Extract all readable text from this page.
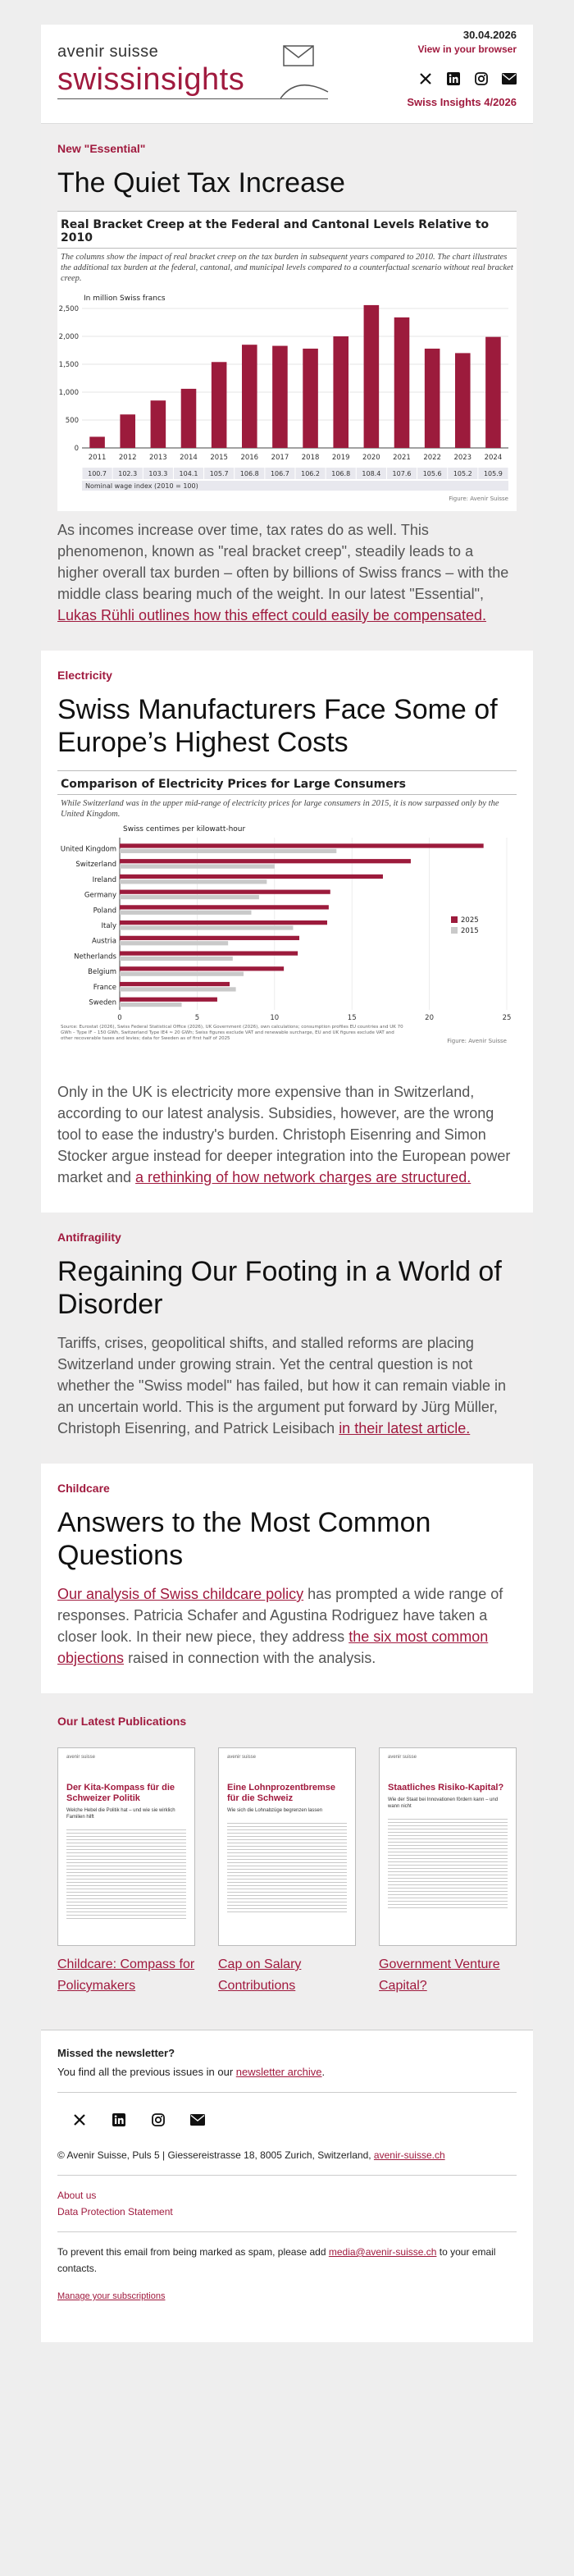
avenir suisse
swissinsights
30.04.2026
View in your browser
Swiss Insights 4/2026
New "Essential"
The Quiet Tax Increase
Real Bracket Creep at the Federal and Cantonal Levels Relative to 2010
The columns show the impact of real bracket creep on the tax burden in subsequent years compared to 2010. The chart illustrates the additional tax burden at the federal, cantonal, and municipal levels compared to a counterfactual scenario without real bracket creep.
In million Swiss francs
0
500
1,000
1,500
2,000
2,500
2011
100.7
2012
102.3
2013
103.3
2014
104.1
2015
105.7
2016
106.8
2017
106.7
2018
106.2
2019
106.8
2020
108.4
2021
107.6
2022
105.6
2023
105.2
2024
105.9
Nominal wage index (2010 = 100)
Figure: Avenir Suisse

As incomes increase over time, tax rates do as well. This phenomenon, known as "real bracket creep", steadily leads to a higher overall tax burden – often by billions of Swiss francs – with the middle class bearing much of the weight. In our latest "Essential", Lukas Rühli outlines how this effect could easily be compensated.

Electricity
Swiss Manufacturers Face Some of Europe’s Highest Costs
Comparison of Electricity Prices for Large Consumers
While Switzerland was in the upper mid-range of electricity prices for large consumers in 2015, it is now surpassed only by the United Kingdom.
Swiss centimes per kilowatt-hour
0	5	10	15	20	25
United Kingdom
Switzerland
Ireland
Germany
Poland
Italy
Austria
Netherlands
Belgium
France
Sweden
2025
2015
Source: Eurostat (2026), Swiss Federal Statistical Office (2026), UK Government (2026), own calculations; consumption profiles EU countries and UK 70 GWh – Type IF – 150 GWh, Switzerland Type IE4 ≈ 20 GWh; Swiss figures exclude VAT and renewable surcharge, EU and UK figures exclude VAT and other recoverable taxes and levies; data for Sweden as of first half of 2025	Figure: Avenir Suisse

Only in the UK is electricity more expensive than in Switzerland, according to our latest analysis. Subsidies, however, are the wrong tool to ease the industry's burden. Christoph Eisenring and Simon Stocker argue instead for deeper integration into the European power market and a rethinking of how network charges are structured.

Antifragility
Regaining Our Footing in a World of Disorder

Tariffs, crises, geopolitical shifts, and stalled reforms are placing Switzerland under growing strain. Yet the central question is not whether the "Swiss model" has failed, but how it can remain viable in an uncertain world. This is the argument put forward by Jürg Müller, Christoph Eisenring, and Patrick Leisibach in their latest article.

Childcare
Answers to the Most Common Questions

Our analysis of Swiss childcare policy has prompted a wide range of responses. Patricia Schafer and Agustina Rodriguez have taken a closer look. In their new piece, they address the six most common objections raised in connection with the analysis.

Our Latest Publications
avenir suisse
Der Kita-Kompass für die Schweizer Politik
Welche Hebel die Politik hat – und wie sie wirklich Familien hilft
Childcare: Compass for Policymakers
avenir suisse
Eine Lohnprozentbremse für die Schweiz
Wie sich die Lohnabzüge begrenzen lassen
Cap on Salary Contributions
avenir suisse
Staatliches Risiko-Kapital?
Wie der Staat bei Innovationen fördern kann – und wann nicht
Government Venture Capital?
Missed the newsletter?
You find all the previous issues in our newsletter archive.
© Avenir Suisse, Puls 5 | Giessereistrasse 18, 8005 Zurich, Switzerland, avenir-suisse.ch
About us
Data Protection Statement
To prevent this email from being marked as spam, please add media@avenir-suisse.ch to your email contacts.
Manage your subscriptions
